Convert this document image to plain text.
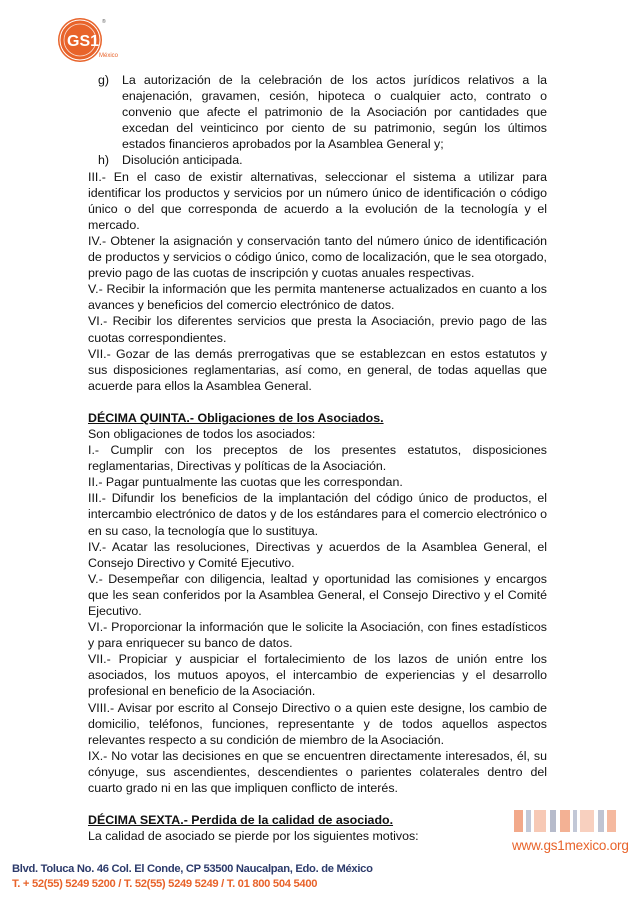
GS1
México
®
g)	La autorización de la celebración de los actos jurídicos relativos a la enajenación, gravamen, cesión, hipoteca o cualquier acto, contrato o convenio que afecte el patrimonio de la Asociación por cantidades que excedan del veinticinco por ciento de su patrimonio, según los últimos estados financieros aprobados por la Asamblea General y;
h)	Disolución anticipada.

III.- En el caso de existir alternativas, seleccionar el sistema a utilizar para identificar los productos y servicios por un número único de identificación o código único o del que corresponda de acuerdo a la evolución de la tecnología y el mercado.

IV.- Obtener la asignación y conservación tanto del número único de identificación de productos y servicios o código único, como de localización, que le sea otorgado, previo pago de las cuotas de inscripción y cuotas anuales respectivas.

V.- Recibir la información que les permita mantenerse actualizados en cuanto a los avances y beneficios del comercio electrónico de datos.

VI.- Recibir los diferentes servicios que presta la Asociación, previo pago de las cuotas correspondientes.

VII.- Gozar de las demás prerrogativas que se establezcan en estos estatutos y sus disposiciones reglamentarias, así como, en general, de todas aquellas que acuerde para ellos la Asamblea General.

DÉCIMA QUINTA.- Obligaciones de los Asociados.

Son obligaciones de todos los asociados:

I.- Cumplir con los preceptos de los presentes estatutos, disposiciones reglamentarias, Directivas y políticas de la Asociación.

II.- Pagar puntualmente las cuotas que les correspondan.

III.- Difundir los beneficios de la implantación del código único de productos, el intercambio electrónico de datos y de los estándares para el comercio electrónico o en su caso, la tecnología que lo sustituya.

IV.- Acatar las resoluciones, Directivas y acuerdos de la Asamblea General, el Consejo Directivo y Comité Ejecutivo.

V.- Desempeñar con diligencia, lealtad y oportunidad las comisiones y encargos que les sean conferidos por la Asamblea General, el Consejo Directivo y el Comité Ejecutivo.

VI.- Proporcionar la información que le solicite la Asociación, con fines estadísticos y para enriquecer su banco de datos.

VII.- Propiciar y auspiciar el fortalecimiento de los lazos de unión entre los asociados, los mutuos apoyos, el intercambio de experiencias y el desarrollo profesional en beneficio de la Asociación.

VIII.- Avisar por escrito al Consejo Directivo o a quien este designe, los cambio de domicilio, teléfonos, funciones, representante y de todos aquellos aspectos relevantes respecto a su condición de miembro de la Asociación.

IX.- No votar las decisiones en que se encuentren directamente interesados, él, su cónyuge, sus ascendientes, descendientes o parientes colaterales dentro del cuarto grado ni en las que impliquen conflicto de interés.

DÉCIMA SEXTA.- Perdida de la calidad de asociado.

La calidad de asociado se pierde por los siguientes motivos:

www.gs1mexico.org
Blvd. Toluca No. 46 Col. El Conde, CP 53500 Naucalpan, Edo. de México
T. + 52(55) 5249 5200 / T. 52(55) 5249 5249 / T. 01 800 504 5400
